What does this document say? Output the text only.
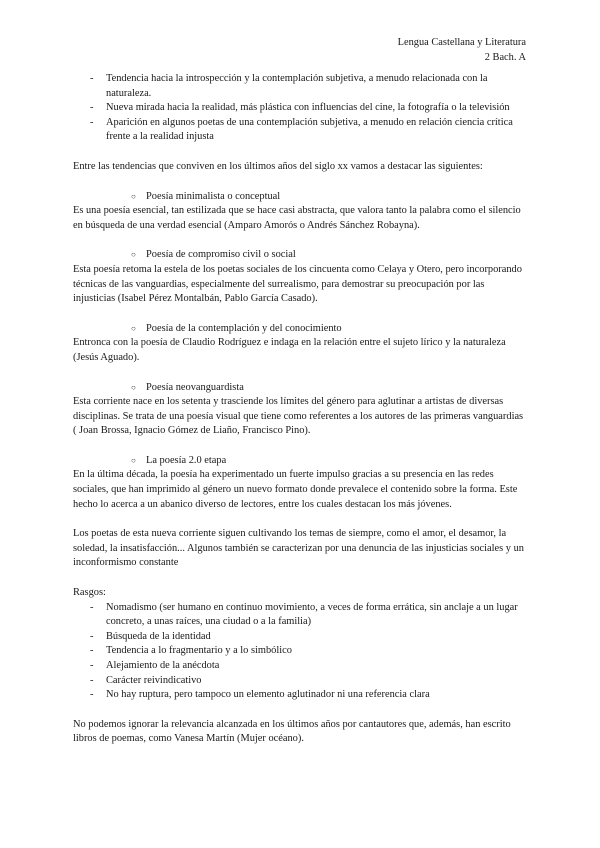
Lengua Castellana y Literatura
2 Bach. A
- Tendencia hacia la introspección y la contemplación subjetiva, a menudo relacionada con la naturaleza.
- Nueva mirada hacia la realidad, más plástica con influencias del cine, la fotografía o la televisión
- Aparición en algunos poetas de una contemplación subjetiva, a menudo en relación ciencia crítica frente a la realidad injusta

Entre las tendencias que conviven en los últimos años del siglo xx vamos a destacar las siguientes:

○ Poesía minimalista o conceptual

Es una poesía esencial, tan estilizada que se hace casi abstracta, que valora tanto la palabra como el silencio en búsqueda de una verdad esencial (Amparo Amorós o Andrés Sánchez Robayna).

○ Poesía de compromiso civil o social

Esta poesía retoma la estela de los poetas sociales de los cincuenta como Celaya y Otero, pero incorporando técnicas de las vanguardias, especialmente del surrealismo, para demostrar su preocupación por las injusticias (Isabel Pérez Montalbán, Pablo García Casado).

○ Poesía de la contemplación y del conocimiento

Entronca con la poesía de Claudio Rodríguez e indaga en la relación entre el sujeto lírico y la naturaleza (Jesús Aguado).

○ Poesía neovanguardista

Esta corriente nace en los setenta y trasciende los límites del género para aglutinar a artistas de diversas disciplinas. Se trata de una poesía visual que tiene como referentes a los autores de las primeras vanguardias ( Joan Brossa, Ignacio Gómez de Liaño, Francisco Pino).

○ La poesía 2.0 etapa

En la última década, la poesía ha experimentado un fuerte impulso gracias a su presencia en las redes sociales, que han imprimido al género un nuevo formato donde prevalece el contenido sobre la forma. Este hecho lo acerca a un abanico diverso de lectores, entre los cuales destacan los más jóvenes.

Los poetas de esta nueva corriente siguen cultivando los temas de siempre, como el amor, el desamor, la soledad, la insatisfacción... Algunos también se caracterizan por una denuncia de las injusticias sociales y un inconformismo constante

Rasgos:

- Nomadismo (ser humano en continuo movimiento, a veces de forma errática, sin anclaje a un lugar concreto, a unas raíces, una ciudad o a la familia)
- Búsqueda de la identidad
- Tendencia a lo fragmentario y a lo simbólico
- Alejamiento de la anécdota
- Carácter reivindicativo
- No hay ruptura, pero tampoco un elemento aglutinador ni una referencia clara

No podemos ignorar la relevancia alcanzada en los últimos años por cantautores que, además, han escrito libros de poemas, como Vanesa Martín (Mujer océano).
